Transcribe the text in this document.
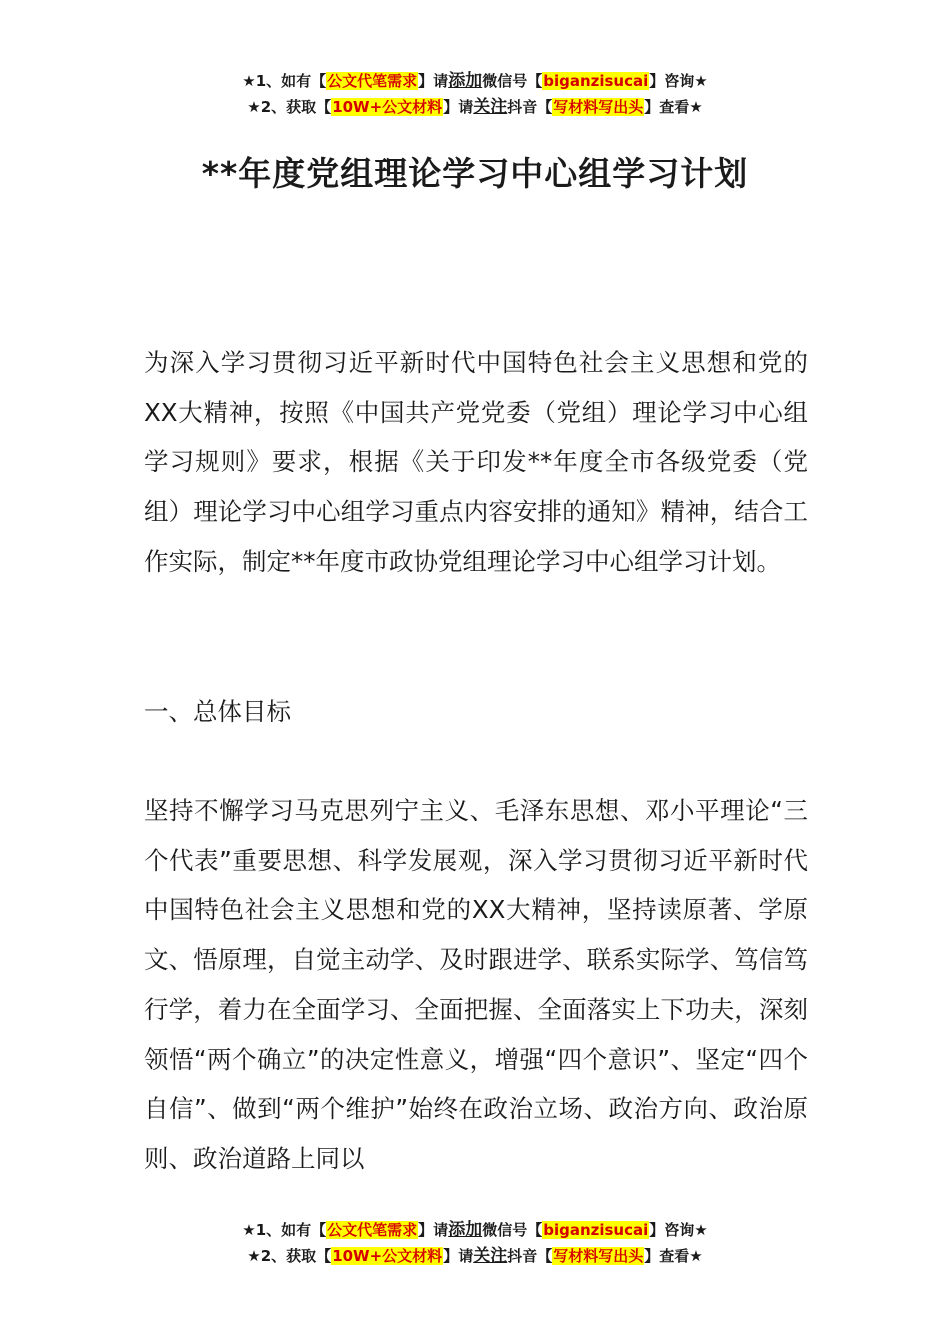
★1、如有【公文代笔需求】请添加微信号【biganzisucai】咨询★
★2、获取【10W+公文材料】请关注抖音【写材料写出头】查看★
**年度党组理论学习中心组学习计划
为深入学习贯彻习近平新时代中国特色社会主义思想和党的XX大精神，按照《中国共产党党委（党组）理论学习中心组学习规则》要求，根据《关于印发**年度全市各级党委（党组）理论学习中心组学习重点内容安排的通知》精神，结合工作实际，制定**年度市政协党组理论学习中心组学习计划。
一、总体目标
坚持不懈学习马克思列宁主义、毛泽东思想、邓小平理论“三个代表”重要思想、科学发展观，深入学习贯彻习近平新时代中国特色社会主义思想和党的XX大精神，坚持读原著、学原文、悟原理，自觉主动学、及时跟进学、联系实际学、笃信笃行学，着力在全面学习、全面把握、全面落实上下功夫，深刻领悟“两个确立”的决定性意义，增强“四个意识”、坚定“四个自信”、做到“两个维护”始终在政治立场、政治方向、政治原则、政治道路上同以
★1、如有【公文代笔需求】请添加微信号【biganzisucai】咨询★
★2、获取【10W+公文材料】请关注抖音【写材料写出头】查看★
